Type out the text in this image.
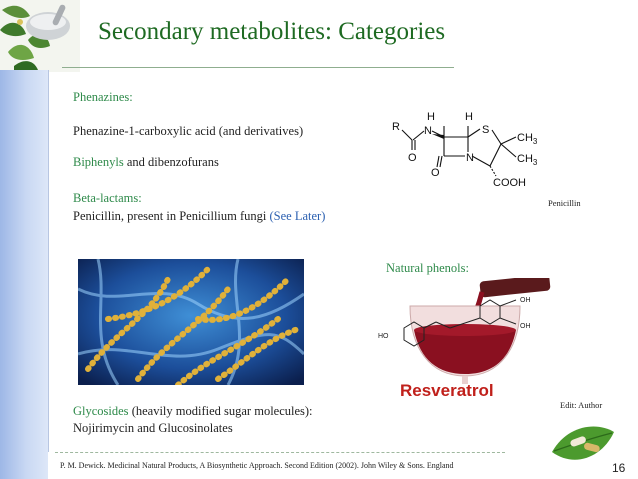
Secondary metabolites: Categories
Phenazines:
Phenazine-1-carboxylic acid (and derivatives)
Biphenyls and dibenzofurans
Beta-lactams:
Penicillin, present in Penicillium fungi (See Later)
R N
H	H
S
$CH_3$
$CH_3$
O
O
N
COOH
Penicillin
Natural phenols:
HO
OH
OH
Resveratrol
Edit: Author
Glycosides (heavily modified sugar molecules):
Nojirimycin and Glucosinolates
P. M. Dewick. Medicinal Natural Products, A Biosynthetic Approach. Second Edition (2002). John Wiley & Sons. England	16
